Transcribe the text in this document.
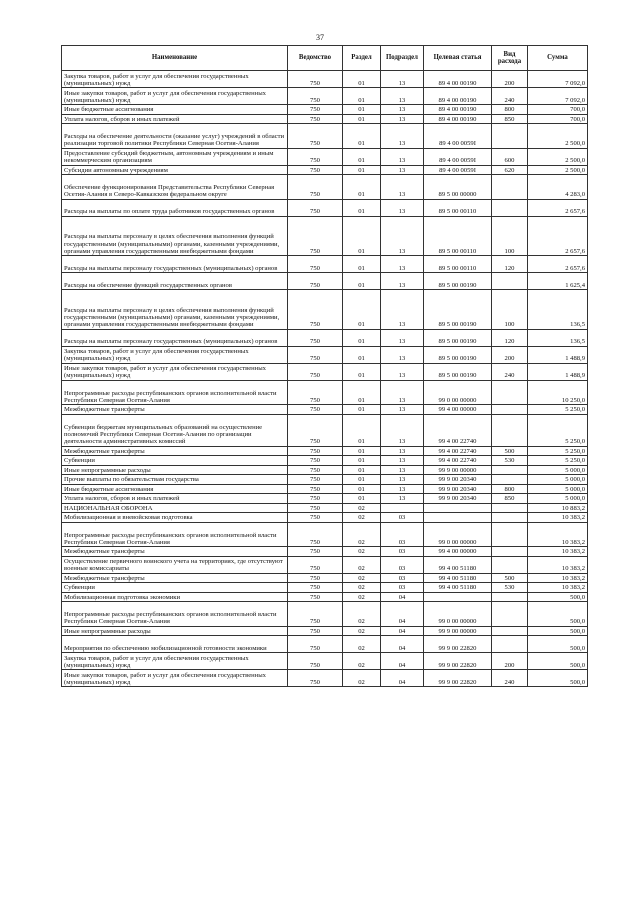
37
Наименование	Ведомство	Раздел	Подраздел	Целевая статья	Вид расхода	Сумма
Закупка товаров, работ и услуг для обеспечения государственных (муниципальных) нужд	750	01	13	89 4 00 00190	200	7 092,0
Иные закупки товаров, работ и услуг для обеспечения государственных (муниципальных) нужд	750	01	13	89 4 00 00190	240	7 092,0
Иные бюджетные ассигнования	750	01	13	89 4 00 00190	800	700,0
Уплата налогов, сборов и иных платежей	750	01	13	89 4 00 00190	850	700,0
Расходы на обеспечение деятельности (оказание услуг) учреждений в области реализации торговой политики Республики Северная Осетия-Алания	750	01	13	89 4 00 0059I		2 500,0
Предоставление субсидий бюджетным, автономным учреждениям и иным некоммерческим организациям	750	01	13	89 4 00 0059I	600	2 500,0
Субсидии автономным учреждениям	750	01	13	89 4 00 0059I	620	2 500,0
Обеспечение функционирования Представительства Республики Северная Осетия-Алания в Северо-Кавказском федеральном округе	750	01	13	89 5 00 00000		4 283,0
Расходы на выплаты по оплате труда работников государственных органов	750	01	13	89 5 00 00110		2 657,6
Расходы на выплаты персоналу в целях обеспечения выполнения функций государственными (муниципальными) органами, казенными учреждениями, органами управления государственными внебюджетными фондами	750	01	13	89 5 00 00110	100	2 657,6
Расходы на выплаты персоналу государственных (муниципальных) органов	750	01	13	89 5 00 00110	120	2 657,6
Расходы на обеспечение функций государственных органов	750	01	13	89 5 00 00190		1 625,4
Расходы на выплаты персоналу в целях обеспечения выполнения функций государственными (муниципальными) органами, казенными учреждениями, органами управления государственными внебюджетными фондами	750	01	13	89 5 00 00190	100	136,5
Расходы на выплаты персоналу государственных (муниципальных) органов	750	01	13	89 5 00 00190	120	136,5
Закупка товаров, работ и услуг для обеспечения государственных (муниципальных) нужд	750	01	13	89 5 00 00190	200	1 488,9
Иные закупки товаров, работ и услуг для обеспечения государственных (муниципальных) нужд	750	01	13	89 5 00 00190	240	1 488,9
Непрограммные расходы республиканских органов исполнительной власти Республики Северная Осетия-Алания	750	01	13	99 0 00 00000		10 250,0
Межбюджетные трансферты	750	01	13	99 4 00 00000		5 250,0
Субвенции бюджетам муниципальных образований на осуществление полномочий Республики Северная Осетия-Алания по организации деятельности административных комиссий	750	01	13	99 4 00 22740		5 250,0
Межбюджетные трансферты	750	01	13	99 4 00 22740	500	5 250,0
Субвенции	750	01	13	99 4 00 22740	530	5 250,0
Иные непрограммные расходы	750	01	13	99 9 00 00000		5 000,0
Прочие выплаты по обязательствам государства	750	01	13	99 9 00 20340		5 000,0
Иные бюджетные ассигнования	750	01	13	99 9 00 20340	800	5 000,0
Уплата налогов, сборов и иных платежей	750	01	13	99 9 00 20340	850	5 000,0
НАЦИОНАЛЬНАЯ ОБОРОНА	750	02				10 883,2
Мобилизационная и вневойсковая подготовка	750	02	03			10 383,2
Непрограммные расходы республиканских органов исполнительной власти Республики Северная Осетия-Алания	750	02	03	99 0 00 00000		10 383,2
Межбюджетные трансферты	750	02	03	99 4 00 00000		10 383,2
Осуществление первичного воинского учета на территориях, где отсутствуют военные комиссариаты	750	02	03	99 4 00 51180		10 383,2
Межбюджетные трансферты	750	02	03	99 4 00 51180	500	10 383,2
Субвенции	750	02	03	99 4 00 51180	530	10 383,2
Мобилизационная подготовка экономики	750	02	04			500,0
Непрограммные расходы республиканских органов исполнительной власти Республики Северная Осетия-Алания	750	02	04	99 0 00 00000		500,0
Иные непрограммные расходы	750	02	04	99 9 00 00000		500,0
Мероприятия по обеспечению мобилизационной готовности экономики	750	02	04	99 9 00 22820		500,0
Закупка товаров, работ и услуг для обеспечения государственных (муниципальных) нужд	750	02	04	99 9 00 22820	200	500,0
Иные закупки товаров, работ и услуг для обеспечения государственных (муниципальных) нужд	750	02	04	99 9 00 22820	240	500,0
